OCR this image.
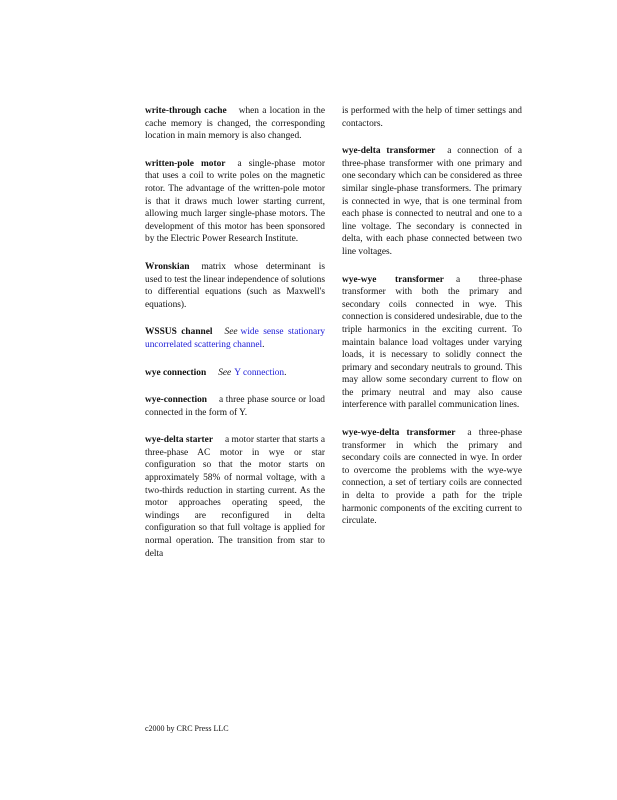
write-through cache when a location in the cache memory is changed, the corresponding location in main memory is also changed.

written-pole motor a single-phase motor that uses a coil to write poles on the magnetic rotor. The advantage of the written-pole motor is that it draws much lower starting current, allowing much larger single-phase motors. The development of this motor has been sponsored by the Electric Power Research Institute.

Wronskian matrix whose determinant is used to test the linear independence of solutions to differential equations (such as Maxwell's equations).

WSSUS channel See wide sense stationary uncorrelated scattering channel.

wye connection See Y connection.

wye-connection a three phase source or load connected in the form of Y.

wye-delta starter a motor starter that starts a three-phase AC motor in wye or star configuration so that the motor starts on approximately 58% of normal voltage, with a two-thirds reduction in starting current. As the motor approaches operating speed, the windings are reconfigured in delta configuration so that full voltage is applied for normal operation. The transition from star to delta

is performed with the help of timer settings and contactors.

wye-delta transformer a connection of a three-phase transformer with one primary and one secondary which can be considered as three similar single-phase transformers. The primary is connected in wye, that is one terminal from each phase is connected to neutral and one to a line voltage. The secondary is connected in delta, with each phase connected between two line voltages.

wye-wye transformer a three-phase transformer with both the primary and secondary coils connected in wye. This connection is considered undesirable, due to the triple harmonics in the exciting current. To maintain balance load voltages under varying loads, it is necessary to solidly connect the primary and secondary neutrals to ground. This may allow some secondary current to flow on the primary neutral and may also cause interference with parallel communication lines.

wye-wye-delta transformer a three-phase transformer in which the primary and secondary coils are connected in wye. In order to overcome the problems with the wye-wye connection, a set of tertiary coils are connected in delta to provide a path for the triple harmonic components of the exciting current to circulate.

c2000 by CRC Press LLC
